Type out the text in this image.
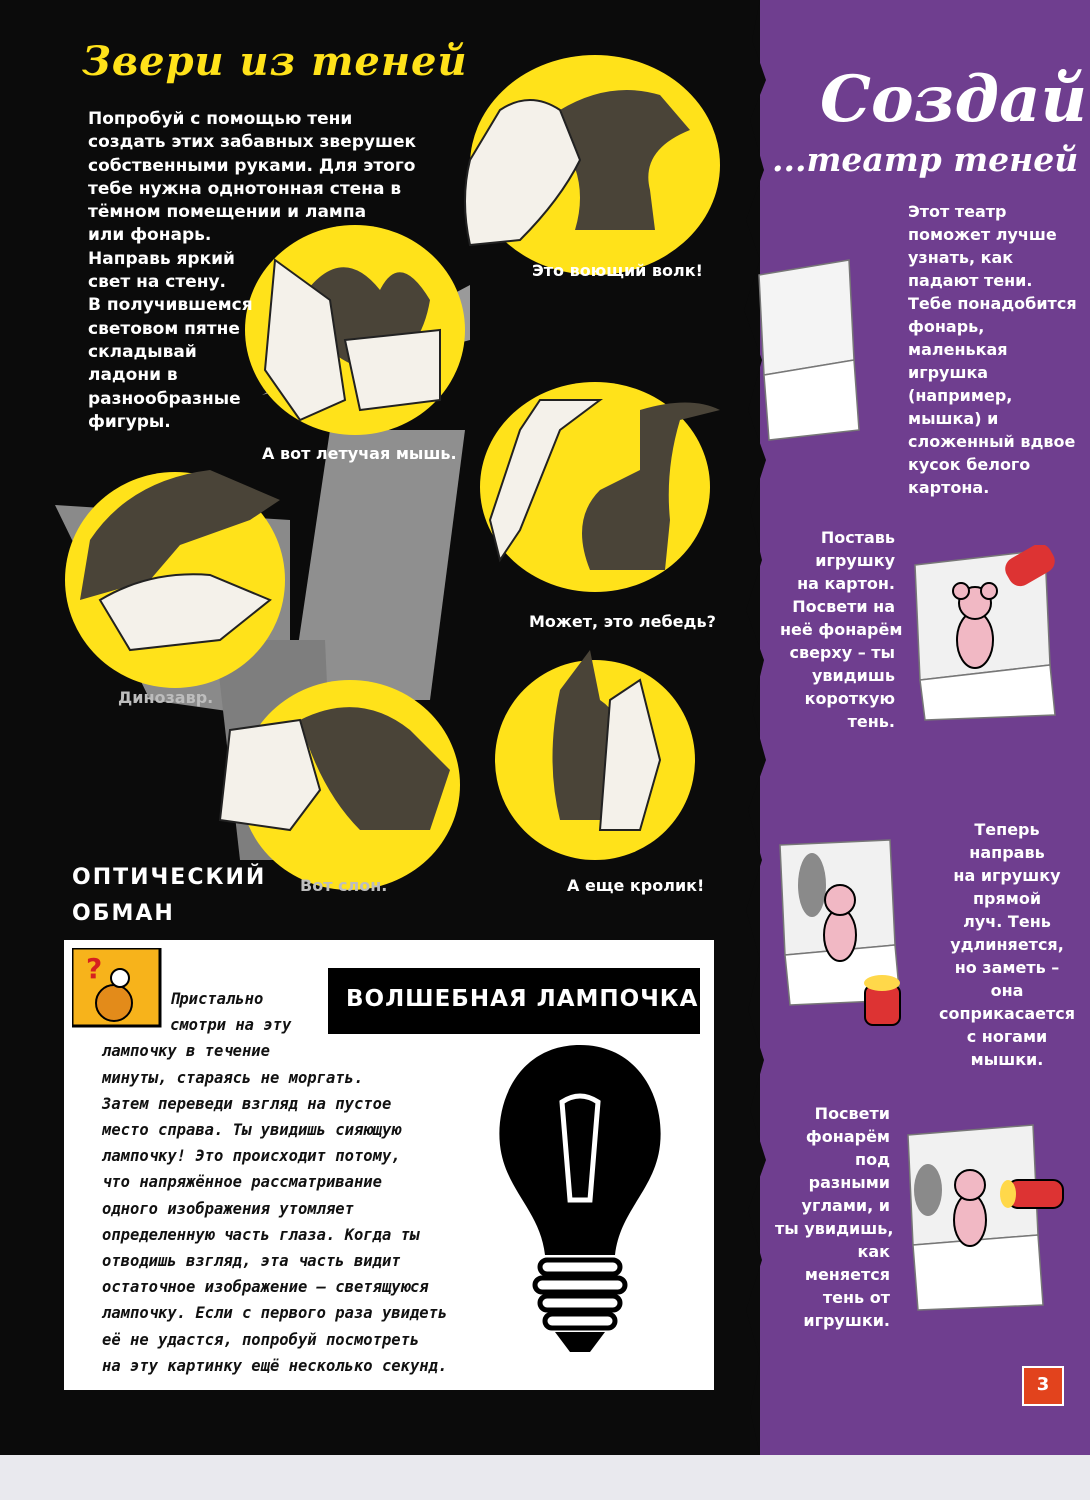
Звери из теней
Попробуй с помощью тени
создать этих забавных зверушек
собственными руками. Для этого
тебе нужна однотонная стена в
тёмном помещении и лампа
или фонарь.
Направь яркий
свет на стену.
В получившемся
световом пятне
складывай
ладони в
разнообразные
фигуры.
Это воющий волк!
А вот летучая мышь.
Может, это лебедь?
Динозавр.
Вот слон.	А еще кролик!
ОПТИЧЕСКИЙ
ОБМАН
?
ВОЛШЕБНАЯ ЛАМПОЧКА
Пристально
смотри на эту
лампочку в течение
минуты, стараясь не моргать.
Затем переведи взгляд на пустое
место справа. Ты увидишь сияющую
лампочку! Это происходит потому,
что напряжённое рассматривание
одного изображения утомляет
определенную часть глаза. Когда ты
отводишь взгляд, эта часть видит
остаточное изображение – светящуюся
лампочку. Если с первого раза увидеть
её не удастся, попробуй посмотреть
на эту картинку ещё несколько секунд.
Создай
...театр теней
Этот театр
поможет лучше
узнать, как
падают тени.
Тебе понадобится
фонарь,
маленькая
игрушка
(например,
мышка) и
сложенный вдвое
кусок белого
картона.
Поставь
игрушку
на картон.
Посвети на
неё фонарём
сверху – ты
увидишь
короткую
тень.
Теперь
направь
на игрушку
прямой
луч. Тень
удлиняется,
но заметь –
она
соприкасается
с ногами
мышки.
Посвети
фонарём
под
разными
углами, и
ты увидишь,
как
меняется
тень от
игрушки.
3
